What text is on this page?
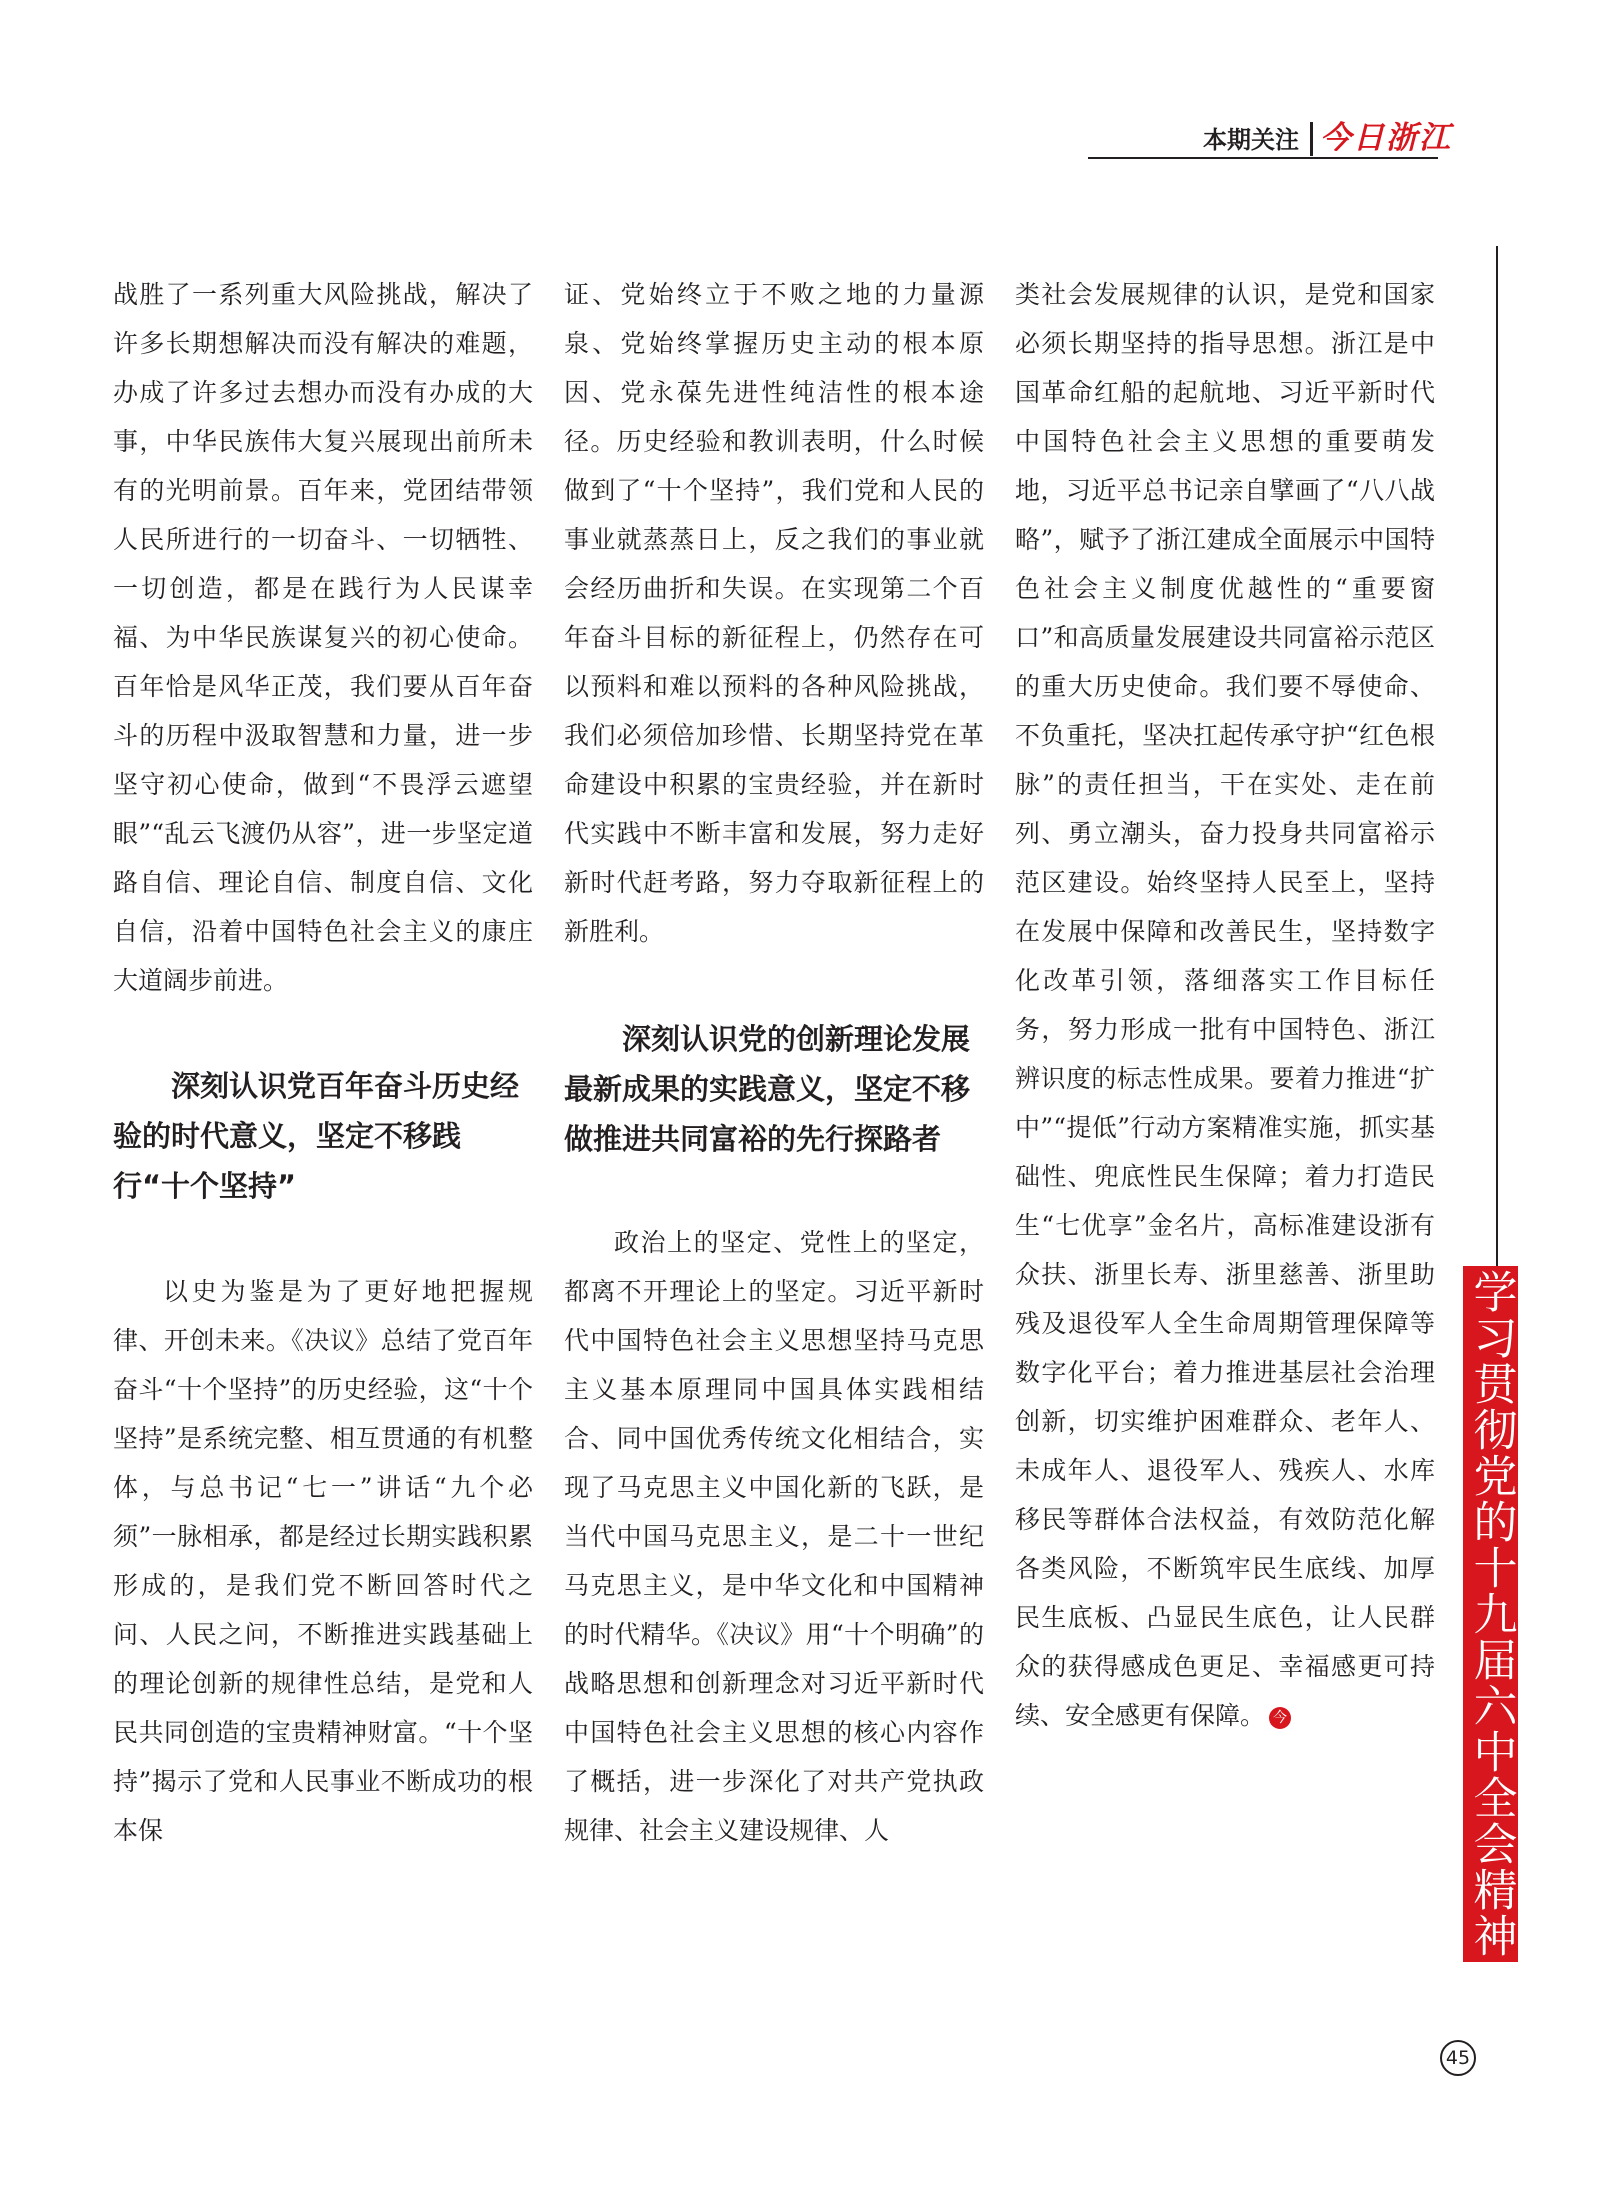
本期关注 今日浙江
学习贯彻党的十九届六中全会精神

战胜了一系列重大风险挑战，解决了许多长期想解决而没有解决的难题，办成了许多过去想办而没有办成的大事，中华民族伟大复兴展现出前所未有的光明前景。百年来，党团结带领人民所进行的一切奋斗、一切牺牲、一切创造，都是在践行为人民谋幸福、为中华民族谋复兴的初心使命。百年恰是风华正茂，我们要从百年奋斗的历程中汲取智慧和力量，进一步坚守初心使命，做到“不畏浮云遮望眼”“乱云飞渡仍从容”，进一步坚定道路自信、理论自信、制度自信、文化自信，沿着中国特色社会主义的康庄大道阔步前进。

深刻认识党百年奋斗历史经验的时代意义，坚定不移践行“十个坚持”

以史为鉴是为了更好地把握规律、开创未来。《决议》总结了党百年奋斗“十个坚持”的历史经验，这“十个坚持”是系统完整、相互贯通的有机整体，与总书记“七一”讲话“九个必须”一脉相承，都是经过长期实践积累形成的，是我们党不断回答时代之问、人民之问，不断推进实践基础上的理论创新的规律性总结，是党和人民共同创造的宝贵精神财富。“十个坚持”揭示了党和人民事业不断成功的根本保

证、党始终立于不败之地的力量源泉、党始终掌握历史主动的根本原因、党永葆先进性纯洁性的根本途径。历史经验和教训表明，什么时候做到了“十个坚持”，我们党和人民的事业就蒸蒸日上，反之我们的事业就会经历曲折和失误。在实现第二个百年奋斗目标的新征程上，仍然存在可以预料和难以预料的各种风险挑战，我们必须倍加珍惜、长期坚持党在革命建设中积累的宝贵经验，并在新时代实践中不断丰富和发展，努力走好新时代赶考路，努力夺取新征程上的新胜利。

深刻认识党的创新理论发展最新成果的实践意义，坚定不移做推进共同富裕的先行探路者

政治上的坚定、党性上的坚定，都离不开理论上的坚定。习近平新时代中国特色社会主义思想坚持马克思主义基本原理同中国具体实践相结合、同中国优秀传统文化相结合，实现了马克思主义中国化新的飞跃，是当代中国马克思主义，是二十一世纪马克思主义，是中华文化和中国精神的时代精华。《决议》用“十个明确”的战略思想和创新理念对习近平新时代中国特色社会主义思想的核心内容作了概括，进一步深化了对共产党执政规律、社会主义建设规律、人

类社会发展规律的认识，是党和国家必须长期坚持的指导思想。浙江是中国革命红船的起航地、习近平新时代中国特色社会主义思想的重要萌发地，习近平总书记亲自擘画了“八八战略”，赋予了浙江建成全面展示中国特色社会主义制度优越性的“重要窗口”和高质量发展建设共同富裕示范区的重大历史使命。我们要不辱使命、不负重托，坚决扛起传承守护“红色根脉”的责任担当，干在实处、走在前列、勇立潮头，奋力投身共同富裕示范区建设。始终坚持人民至上，坚持在发展中保障和改善民生，坚持数字化改革引领，落细落实工作目标任务，努力形成一批有中国特色、浙江辨识度的标志性成果。要着力推进“扩中”“提低”行动方案精准实施，抓实基础性、兜底性民生保障；着力打造民生“七优享”金名片，高标准建设浙有众扶、浙里长寿、浙里慈善、浙里助残及退役军人全生命周期管理保障等数字化平台；着力推进基层社会治理创新，切实维护困难群众、老年人、未成年人、退役军人、残疾人、水库移民等群体合法权益，有效防范化解各类风险，不断筑牢民生底线、加厚民生底板、凸显民生底色，让人民群众的获得感成色更足、幸福感更可持续、安全感更有保障。 今

45
